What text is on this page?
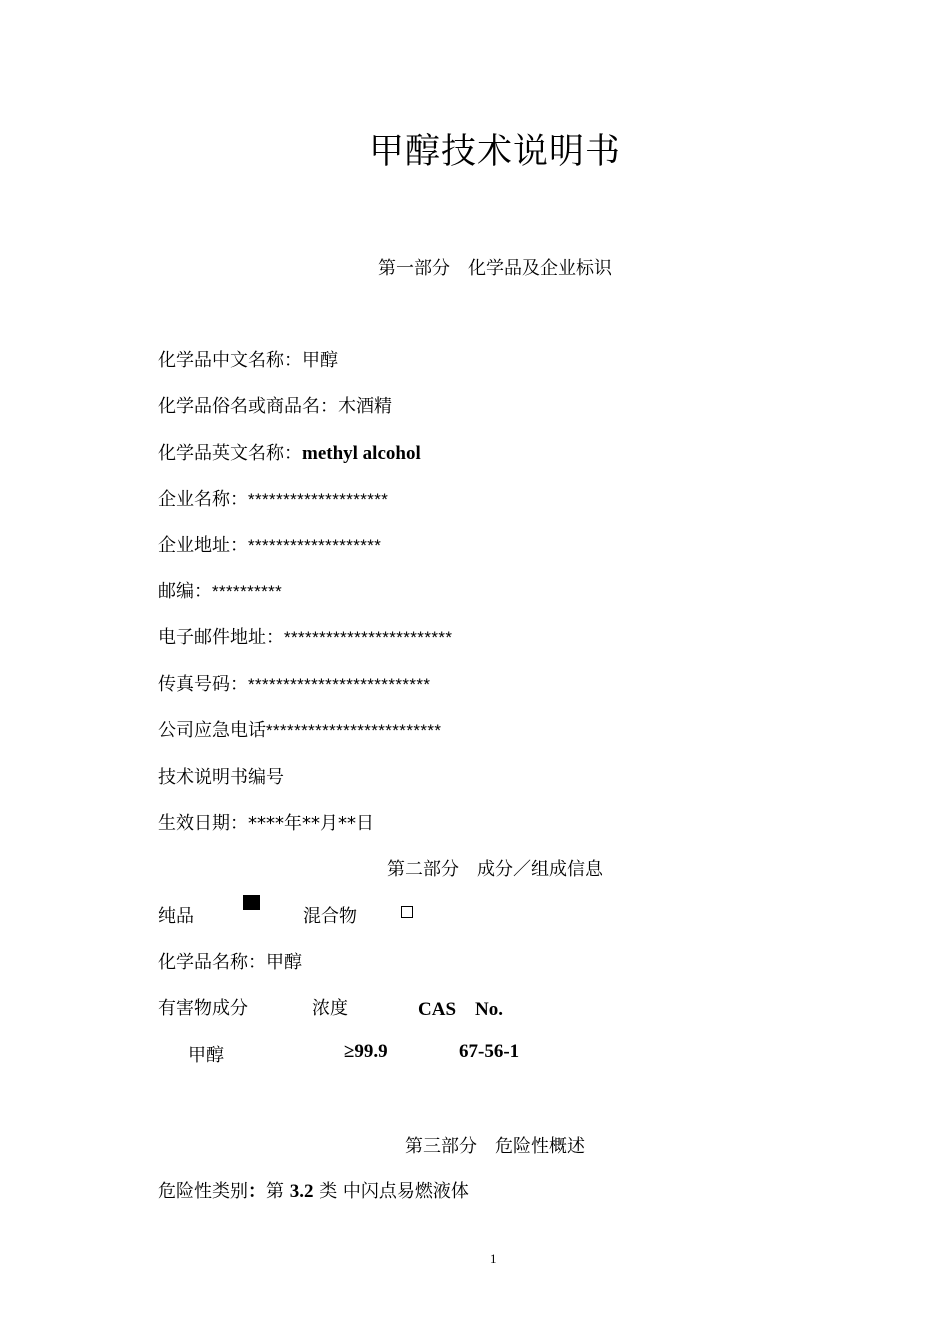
甲醇技术说明书
第一部分　化学品及企业标识
化学品中文名称：甲醇
化学品俗名或商品名：木酒精
化学品英文名称：methyl alcohol
企业名称：********************
企业地址：*******************
邮编：**********
电子邮件地址：************************
传真号码：**************************
公司应急电话*************************
技术说明书编号
生效日期：****年**月**日
第二部分　成分／组成信息
纯品	混合物
化学品名称：甲醇
有害物成分	浓度	CAS　No.
甲醇	≥99.9	67-56-1
第三部分　危险性概述
危险性类别：第 3.2 类 中闪点易燃液体
1
